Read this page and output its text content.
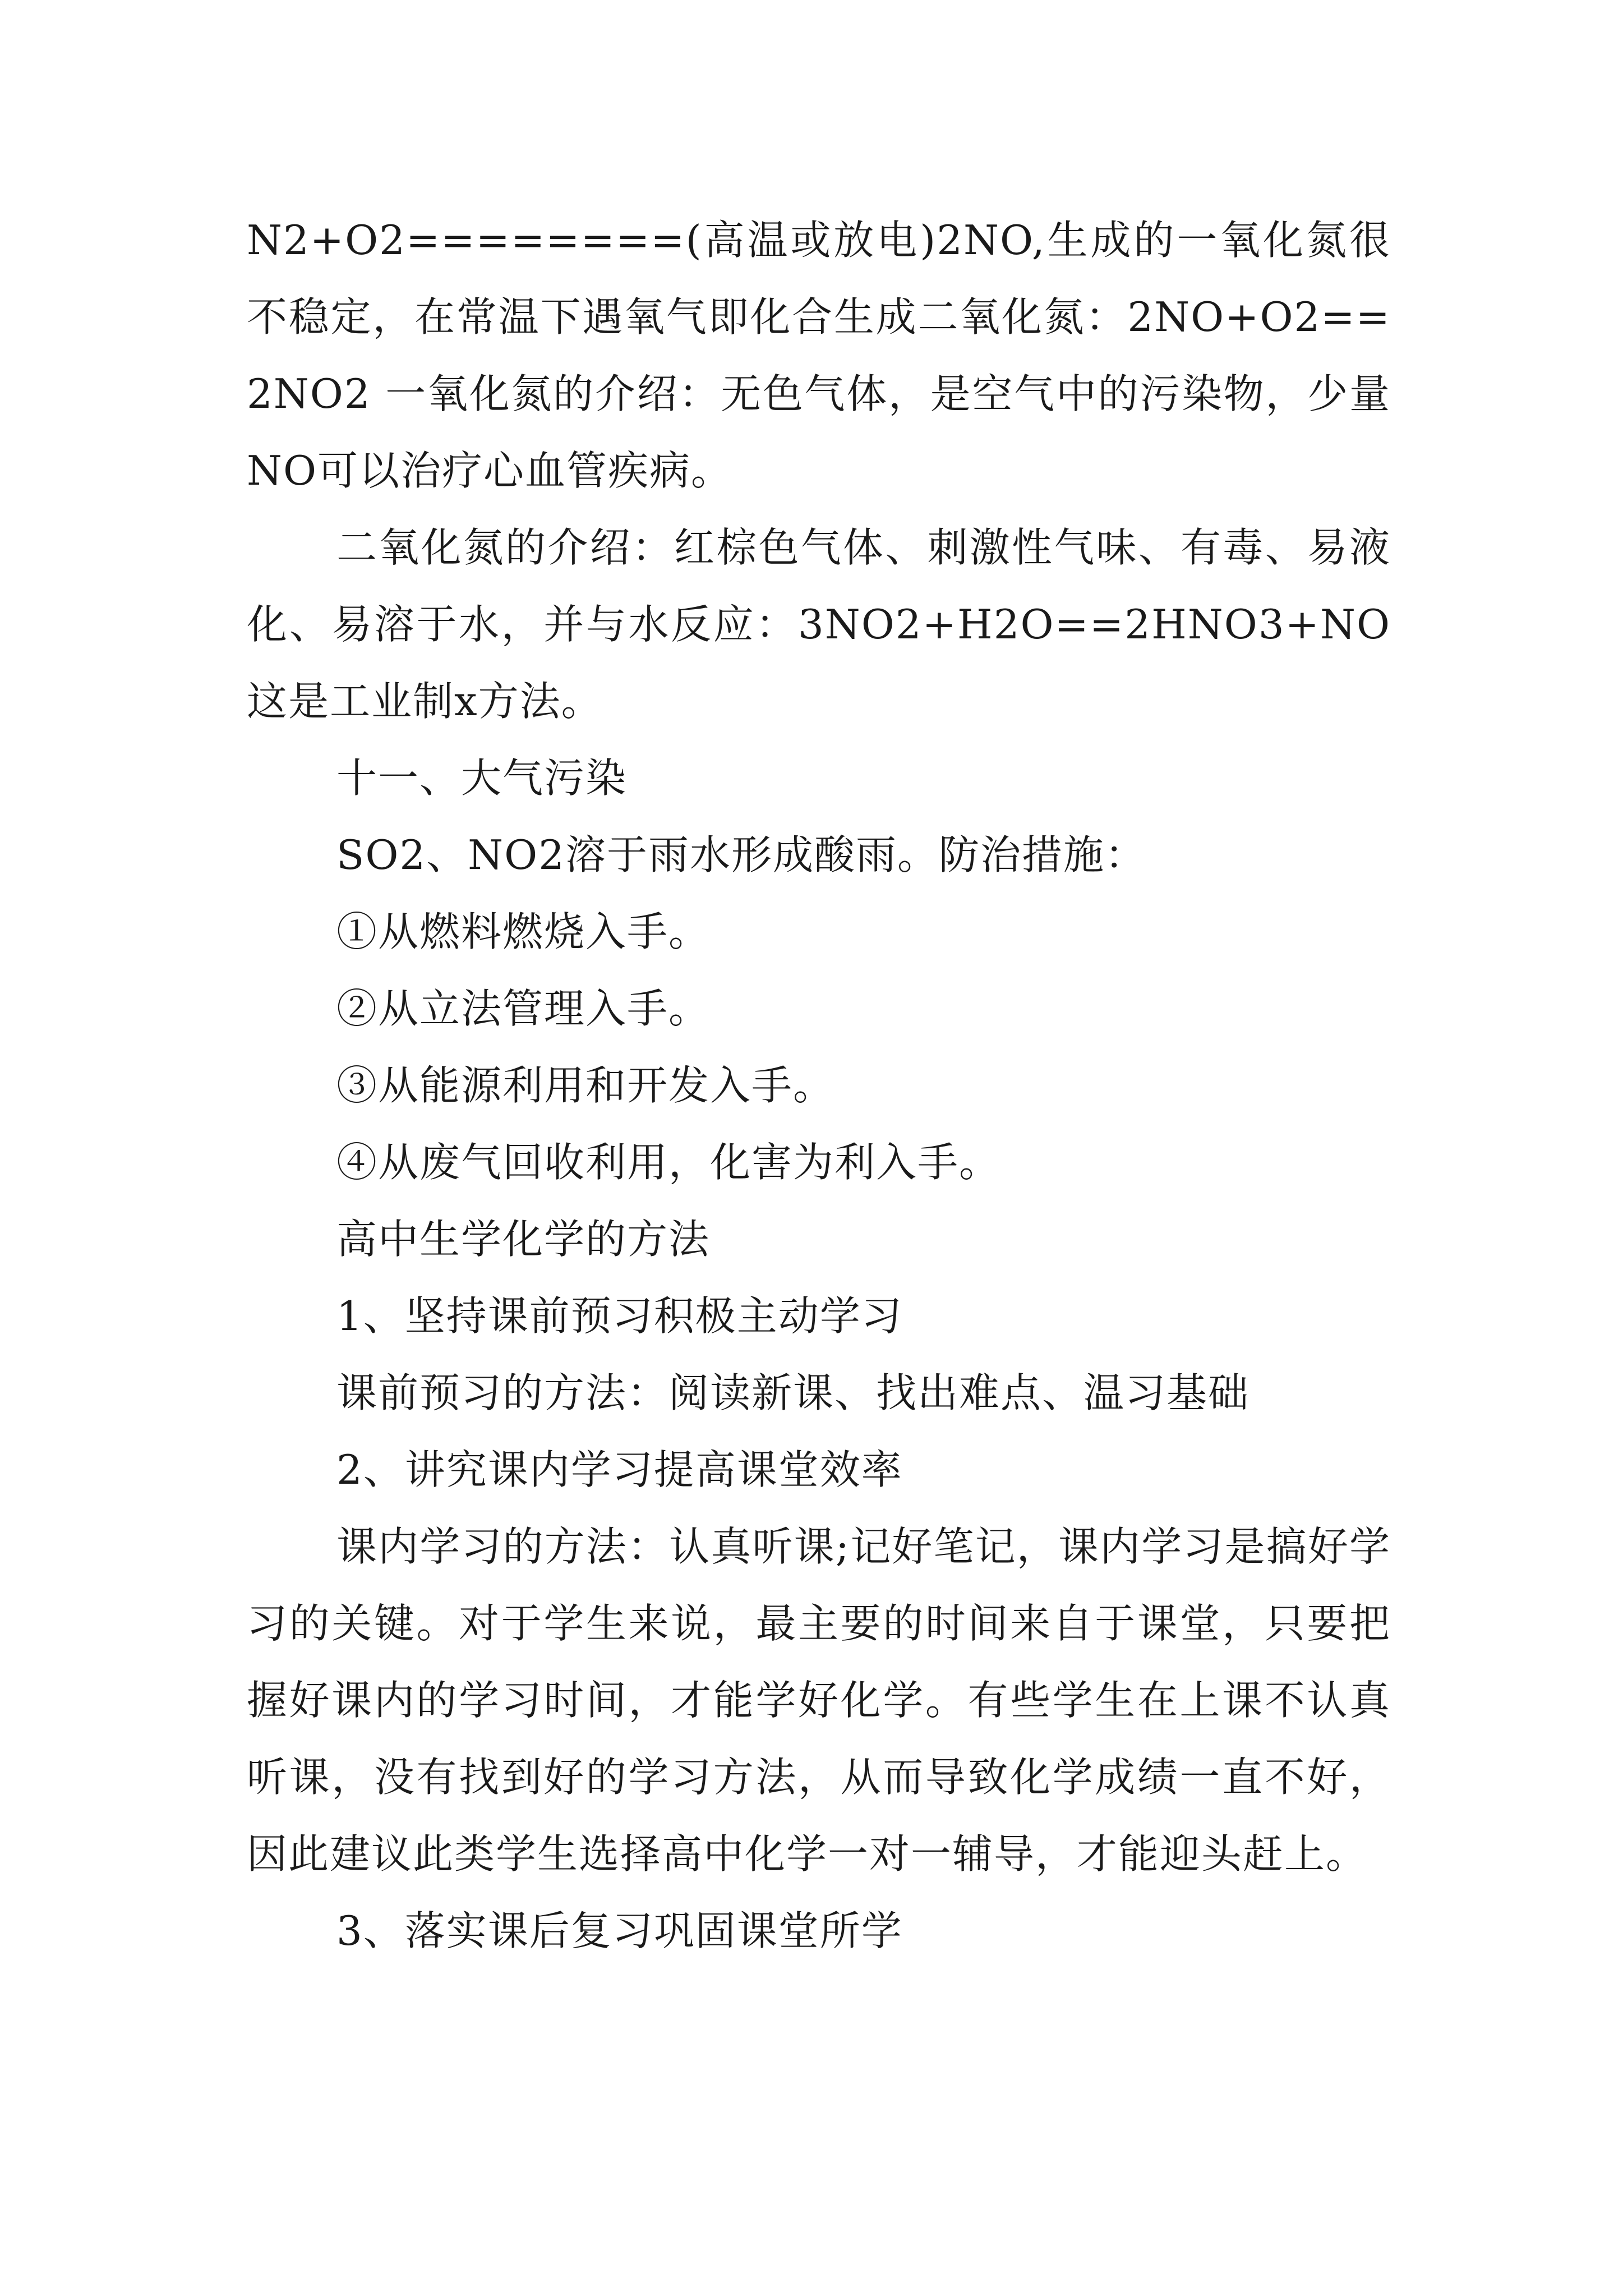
N2+O2========(高温或放电)2NO,生成的一氧化氮很不稳定，在常温下遇氧气即化合生成二氧化氮：2NO+O2==2NO2 一氧化氮的介绍：无色气体，是空气中的污染物，少量NO可以治疗心血管疾病。

二氧化氮的介绍：红棕色气体、刺激性气味、有毒、易液化、易溶于水，并与水反应：3NO2+H2O==2HNO3+NO 这是工业制x方法。

十一、大气污染

SO2、NO2溶于雨水形成酸雨。防治措施：

①从燃料燃烧入手。

②从立法管理入手。

③从能源利用和开发入手。

④从废气回收利用，化害为利入手。

高中生学化学的方法

1、坚持课前预习积极主动学习

课前预习的方法：阅读新课、找出难点、温习基础

2、讲究课内学习提高课堂效率

课内学习的方法：认真听课;记好笔记，课内学习是搞好学习的关键。对于学生来说，最主要的时间来自于课堂，只要把握好课内的学习时间，才能学好化学。有些学生在上课不认真听课，没有找到好的学习方法，从而导致化学成绩一直不好，因此建议此类学生选择高中化学一对一辅导，才能迎头赶上。

3、落实课后复习巩固课堂所学
